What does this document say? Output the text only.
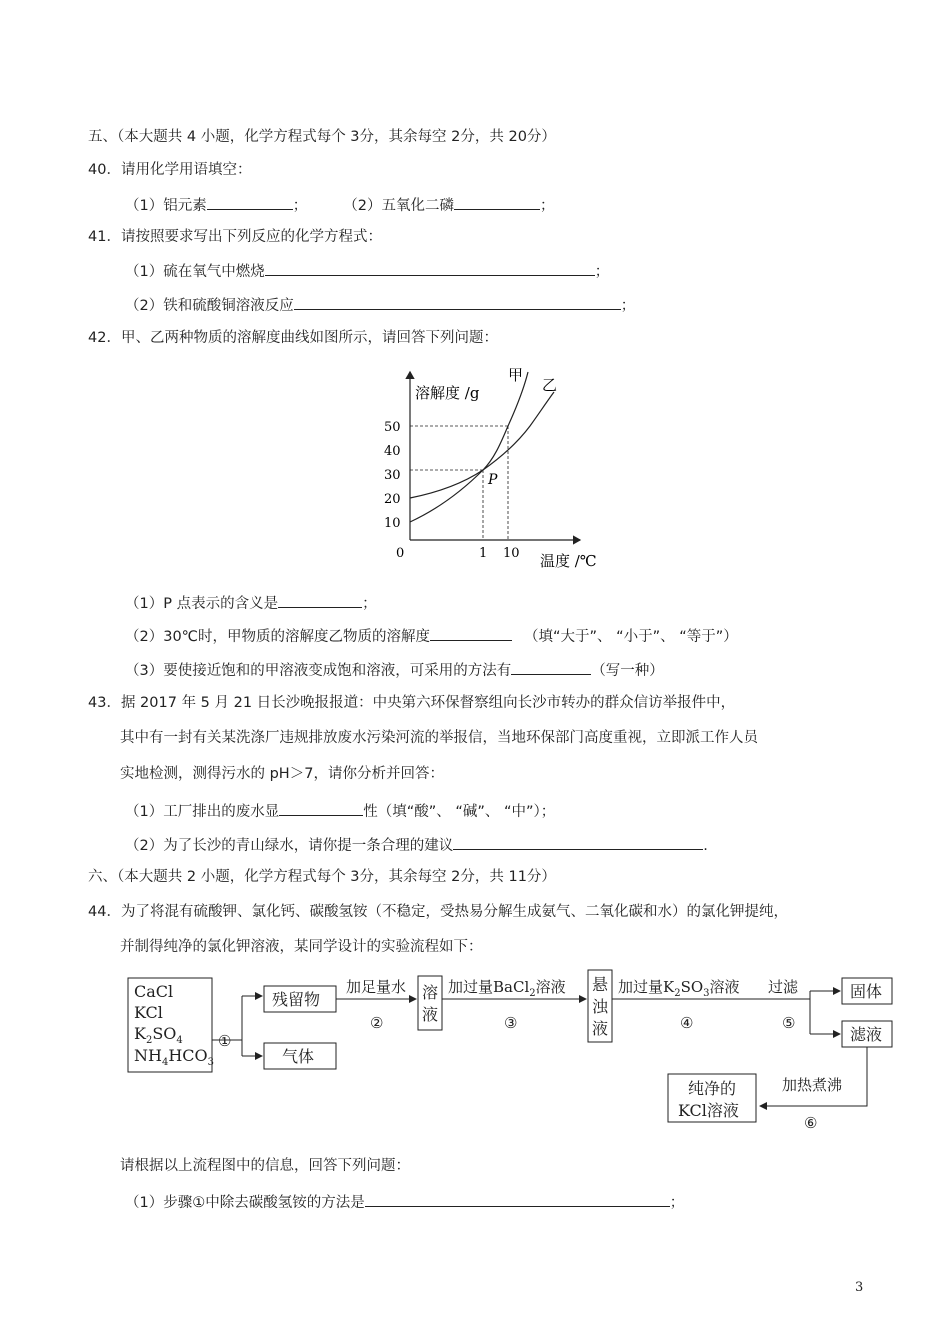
五、（本大题共 4 小题，化学方程式每个 3分，其余每空 2分，共 20分）
40．请用化学用语填空：
（1）铝元素	； （2）五氧化二磷	；
41．请按照要求写出下列反应的化学方程式：
（1）硫在氧气中燃烧	；
（2）铁和硫酸铜溶液反应	；
42．甲、乙两种物质的溶解度曲线如图所示，请回答下列问题：
溶解度 /g
温度 /℃
50
40
30
20
10
0	1 10
甲
乙
P
（1）P 点表示的含义是	；
（2）30℃时，甲物质的溶解度乙物质的溶解度	（填“大于”、 “小于”、 “等于”）
（3）要使接近饱和的甲溶液变成饱和溶液，可采用的方法有	（写一种）
43．据 2017 年 5 月 21 日长沙晚报报道：中央第六环保督察组向长沙市转办的群众信访举报件中，
其中有一封有关某洗涤厂违规排放废水污染河流的举报信，当地环保部门高度重视，立即派工作人员
实地检测，测得污水的 pH＞7，请你分析并回答：
（1）工厂排出的废水显	性（填“酸”、 “碱”、 “中”）；
（2）为了长沙的青山绿水，请你提一条合理的建议	.
六、（本大题共 2 小题，化学方程式每个 3分，其余每空 2分，共 11分）
44．为了将混有硫酸钾、氯化钙、碳酸氢铵（不稳定，受热易分解生成氨气、二氧化碳和水）的氯化钾提纯，
并制得纯净的氯化钾溶液，某同学设计的实验流程如下：
CaCl
KCl
$K_2SO_4$
$NH_4HCO_3$
①
残留物
气体
加足量水
②
溶
液
加过量BaCl$_2$溶液
③
悬
浊
液
加过量$K_2SO_3$溶液
④
过滤
⑤
固体
滤液
加热煮沸
⑥
纯净的
KCl溶液
请根据以上流程图中的信息，回答下列问题：
（1）步骤①中除去碳酸氢铵的方法是	；
3
